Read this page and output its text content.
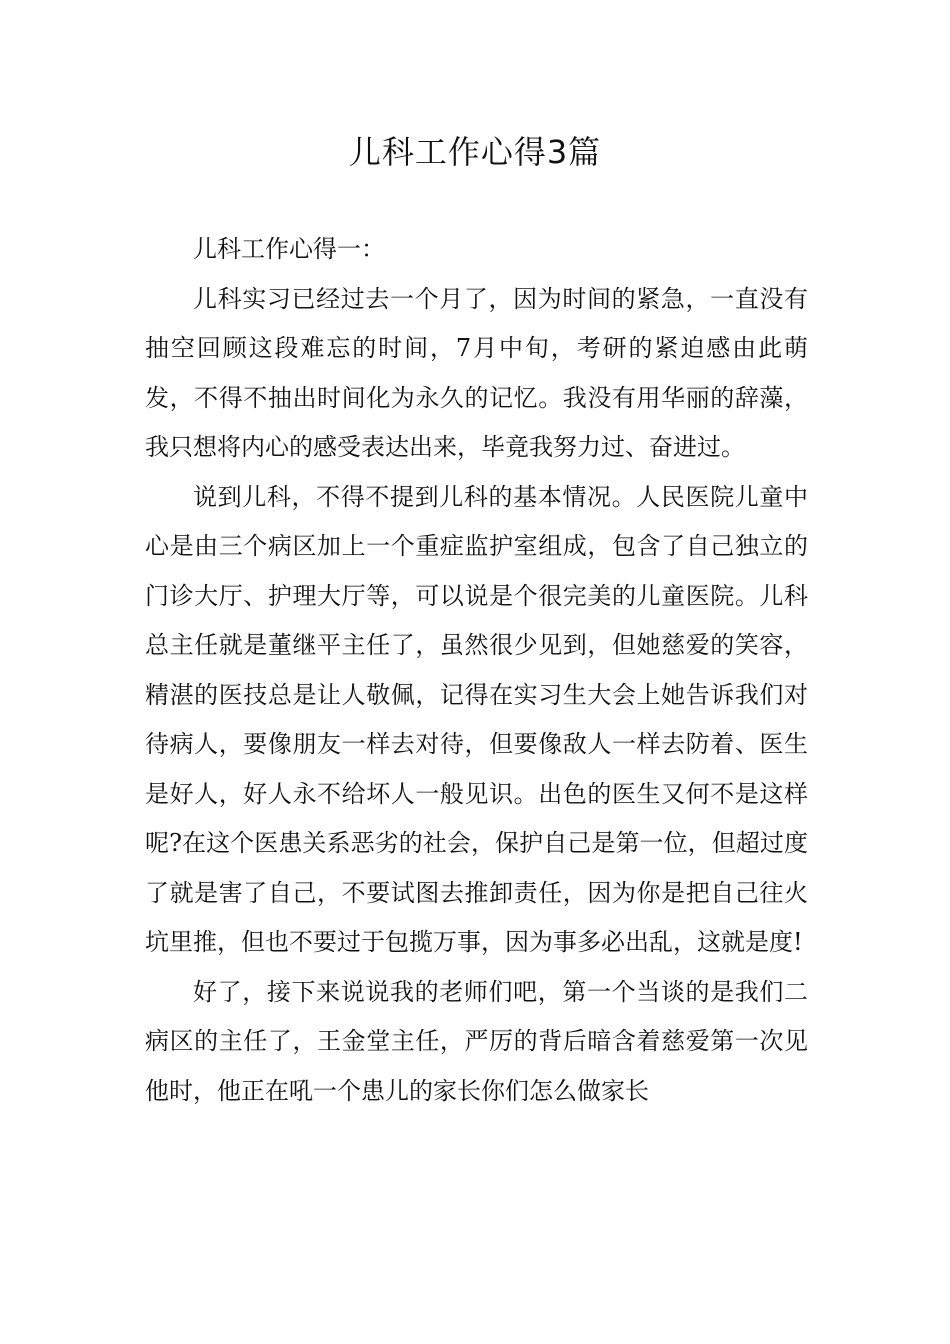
儿科工作心得3篇

儿科工作心得一：

儿科实习已经过去一个月了，因为时间的紧急，一直没有抽空回顾这段难忘的时间，7月中旬，考研的紧迫感由此萌发，不得不抽出时间化为永久的记忆。我没有用华丽的辞藻，我只想将内心的感受表达出来，毕竟我努力过、奋进过。

说到儿科，不得不提到儿科的基本情况。人民医院儿童中心是由三个病区加上一个重症监护室组成，包含了自己独立的门诊大厅、护理大厅等，可以说是个很完美的儿童医院。儿科总主任就是董继平主任了，虽然很少见到，但她慈爱的笑容，精湛的医技总是让人敬佩，记得在实习生大会上她告诉我们对待病人，要像朋友一样去对待，但要像敌人一样去防着、医生是好人，好人永不给坏人一般见识。出色的医生又何不是这样呢?在这个医患关系恶劣的社会，保护自己是第一位，但超过度了就是害了自己，不要试图去推卸责任，因为你是把自己往火坑里推，但也不要过于包揽万事，因为事多必出乱，这就是度!

好了，接下来说说我的老师们吧，第一个当谈的是我们二病区的主任了，王金堂主任，严厉的背后暗含着慈爱第一次见他时，他正在吼一个患儿的家长你们怎么做家长
